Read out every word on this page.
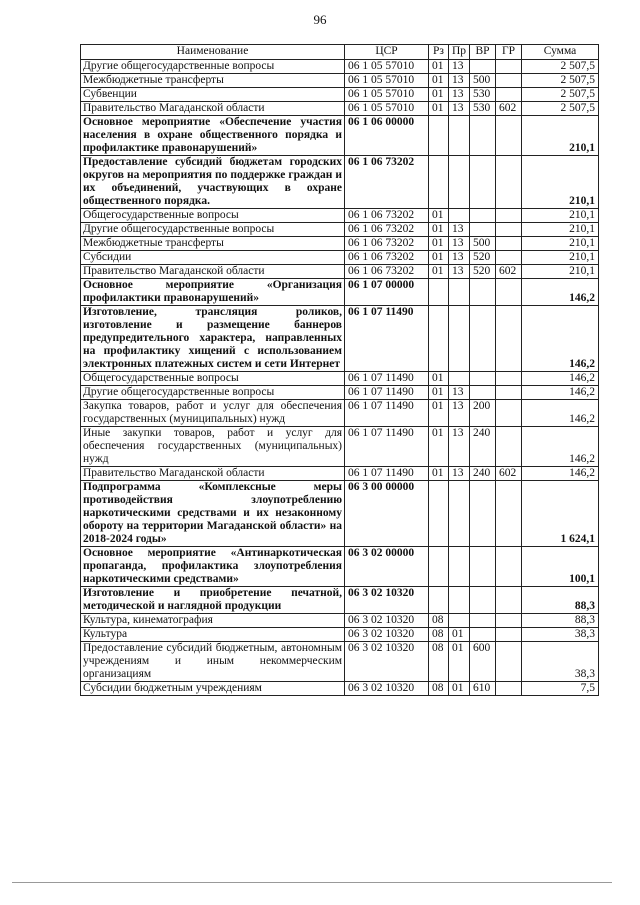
96
Наименование	ЦСР	Рз	Пр	ВР	ГР	Сумма
Другие общегосударственные вопросы	06 1 05 57010	01	13			2 507,5
Межбюджетные трансферты	06 1 05 57010	01	13	500		2 507,5
Субвенции	06 1 05 57010	01	13	530		2 507,5
Правительство Магаданской области	06 1 05 57010	01	13	530	602	2 507,5
Основное мероприятие «Обеспечение участия населения в охране общественного порядка и профилактике правонарушений»	06 1 06 00000					210,1
Предоставление субсидий бюджетам городских округов на мероприятия по поддержке граждан и их объединений, участвующих в охране общественного порядка.	06 1 06 73202					210,1
Общегосударственные вопросы	06 1 06 73202	01				210,1
Другие общегосударственные вопросы	06 1 06 73202	01	13			210,1
Межбюджетные трансферты	06 1 06 73202	01	13	500		210,1
Субсидии	06 1 06 73202	01	13	520		210,1
Правительство Магаданской области	06 1 06 73202	01	13	520	602	210,1
Основное мероприятие «Организация профилактики правонарушений»	06 1 07 00000					146,2
Изготовление, трансляция роликов, изготовление и размещение баннеров предупредительного характера, направленных на профилактику хищений с использованием электронных платежных систем и сети Интернет	06 1 07 11490					146,2
Общегосударственные вопросы	06 1 07 11490	01				146,2
Другие общегосударственные вопросы	06 1 07 11490	01	13			146,2
Закупка товаров, работ и услуг для обеспечения государственных (муниципальных) нужд	06 1 07 11490	01	13	200		146,2
Иные закупки товаров, работ и услуг для обеспечения государственных (муниципальных) нужд	06 1 07 11490	01	13	240		146,2
Правительство Магаданской области	06 1 07 11490	01	13	240	602	146,2
Подпрограмма «Комплексные меры противодействия злоупотреблению наркотическими средствами и их незаконному обороту на территории Магаданской области» на 2018-2024 годы»	06 3 00 00000					1 624,1
Основное мероприятие «Антинаркотическая пропаганда, профилактика злоупотребления наркотическими средствами»	06 3 02 00000					100,1
Изготовление и приобретение печатной, методической и наглядной продукции	06 3 02 10320					88,3
Культура, кинематография	06 3 02 10320	08				88,3
Культура	06 3 02 10320	08	01			38,3
Предоставление субсидий бюджетным, автономным учреждениям и иным некоммерческим организациям	06 3 02 10320	08	01	600		38,3
Субсидии бюджетным учреждениям	06 3 02 10320	08	01	610		7,5
